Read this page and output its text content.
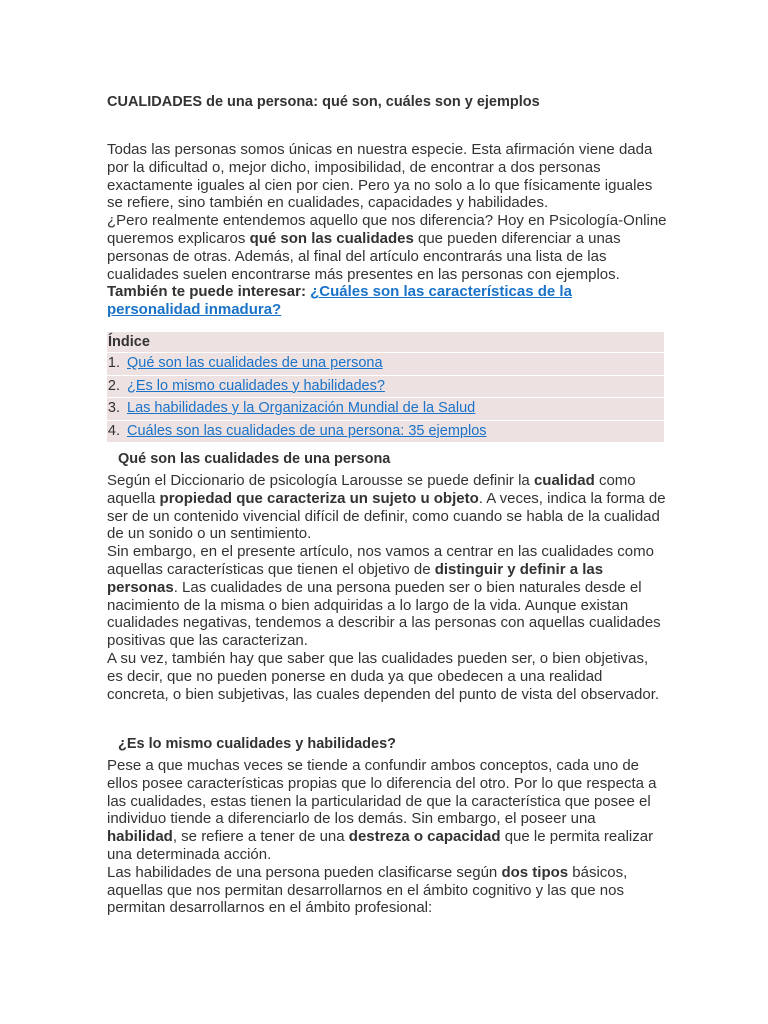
CUALIDADES de una persona: qué son, cuáles son y ejemplos

Todas las personas somos únicas en nuestra especie. Esta afirmación viene dada por la dificultad o, mejor dicho, imposibilidad, de encontrar a dos personas exactamente iguales al cien por cien. Pero ya no solo a lo que físicamente iguales se refiere, sino también en cualidades, capacidades y habilidades.

¿Pero realmente entendemos aquello que nos diferencia? Hoy en Psicología-Online queremos explicaros qué son las cualidades que pueden diferenciar a unas personas de otras. Además, al final del artículo encontrarás una lista de las cualidades suelen encontrarse más presentes en las personas con ejemplos.

También te puede interesar: ¿Cuáles son las características de la personalidad inmadura?

Índice
1. Qué son las cualidades de una persona
2. ¿Es lo mismo cualidades y habilidades?
3. Las habilidades y la Organización Mundial de la Salud
4. Cuáles son las cualidades de una persona: 35 ejemplos
Qué son las cualidades de una persona

Según el Diccionario de psicología Larousse se puede definir la cualidad como aquella propiedad que caracteriza un sujeto u objeto. A veces, indica la forma de ser de un contenido vivencial difícil de definir, como cuando se habla de la cualidad de un sonido o un sentimiento.

Sin embargo, en el presente artículo, nos vamos a centrar en las cualidades como aquellas características que tienen el objetivo de distinguir y definir a las personas. Las cualidades de una persona pueden ser o bien naturales desde el nacimiento de la misma o bien adquiridas a lo largo de la vida. Aunque existan cualidades negativas, tendemos a describir a las personas con aquellas cualidades positivas que las caracterizan.

A su vez, también hay que saber que las cualidades pueden ser, o bien objetivas, es decir, que no pueden ponerse en duda ya que obedecen a una realidad concreta, o bien subjetivas, las cuales dependen del punto de vista del observador.

¿Es lo mismo cualidades y habilidades?

Pese a que muchas veces se tiende a confundir ambos conceptos, cada uno de ellos posee características propias que lo diferencia del otro. Por lo que respecta a las cualidades, estas tienen la particularidad de que la característica que posee el individuo tiende a diferenciarlo de los demás. Sin embargo, el poseer una habilidad, se refiere a tener de una destreza o capacidad que le permita realizar una determinada acción.

Las habilidades de una persona pueden clasificarse según dos tipos básicos, aquellas que nos permitan desarrollarnos en el ámbito cognitivo y las que nos permitan desarrollarnos en el ámbito profesional:
